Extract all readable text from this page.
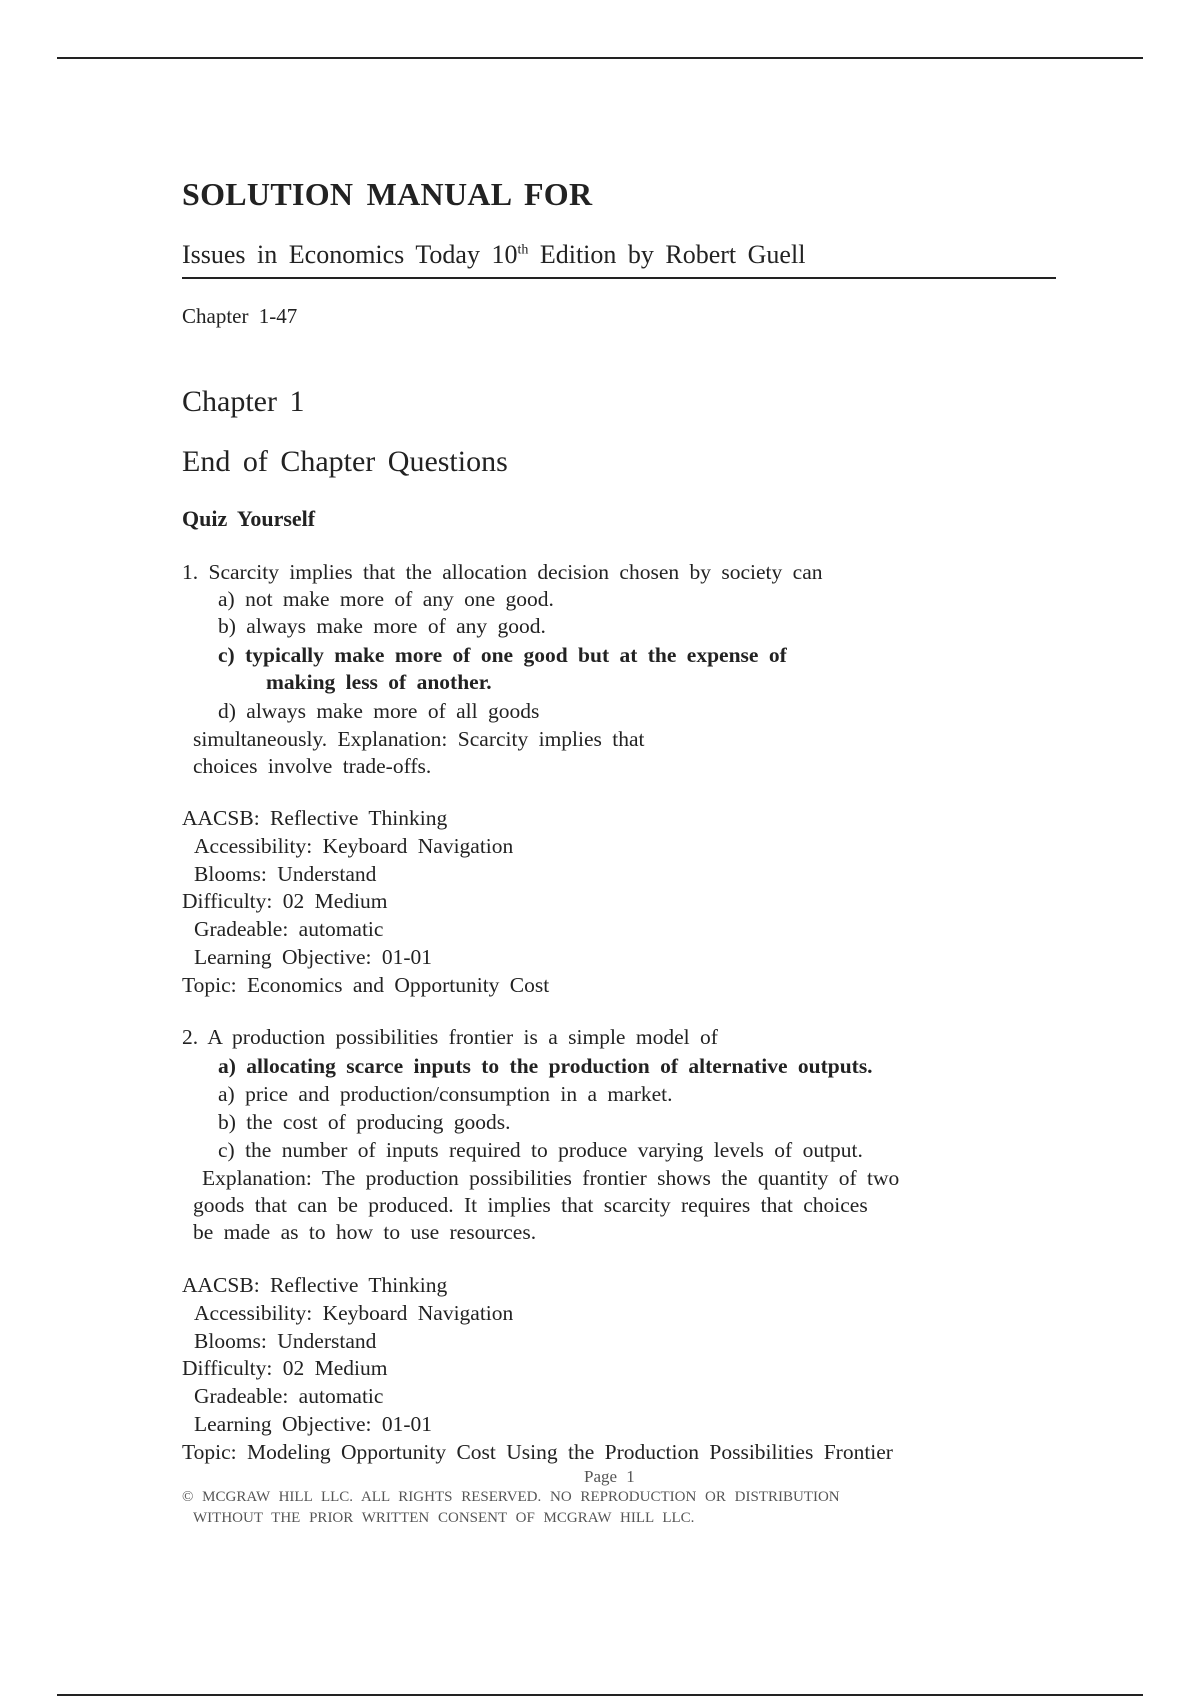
SOLUTION MANUAL FOR
Issues in Economics Today 10th Edition by Robert Guell
Chapter 1-47
Chapter 1
End of Chapter Questions
Quiz Yourself
1. Scarcity implies that the allocation decision chosen by society can
a) not make more of any one good.
b) always make more of any good.
c) typically make more of one good but at the expense of
making less of another.
d) always make more of all goods
simultaneously. Explanation: Scarcity implies that
choices involve trade-offs.
AACSB: Reflective Thinking
Accessibility: Keyboard Navigation
Blooms: Understand
Difficulty: 02 Medium
Gradeable: automatic
Learning Objective: 01-01
Topic: Economics and Opportunity Cost
2. A production possibilities frontier is a simple model of
a) allocating scarce inputs to the production of alternative outputs.
a) price and production/consumption in a market.
b) the cost of producing goods.
c) the number of inputs required to produce varying levels of output.
Explanation: The production possibilities frontier shows the quantity of two
goods that can be produced. It implies that scarcity requires that choices
be made as to how to use resources.
AACSB: Reflective Thinking
Accessibility: Keyboard Navigation
Blooms: Understand
Difficulty: 02 Medium
Gradeable: automatic
Learning Objective: 01-01
Topic: Modeling Opportunity Cost Using the Production Possibilities Frontier
Page 1
© MCGRAW HILL LLC. ALL RIGHTS RESERVED. NO REPRODUCTION OR DISTRIBUTION
WITHOUT THE PRIOR WRITTEN CONSENT OF MCGRAW HILL LLC.
